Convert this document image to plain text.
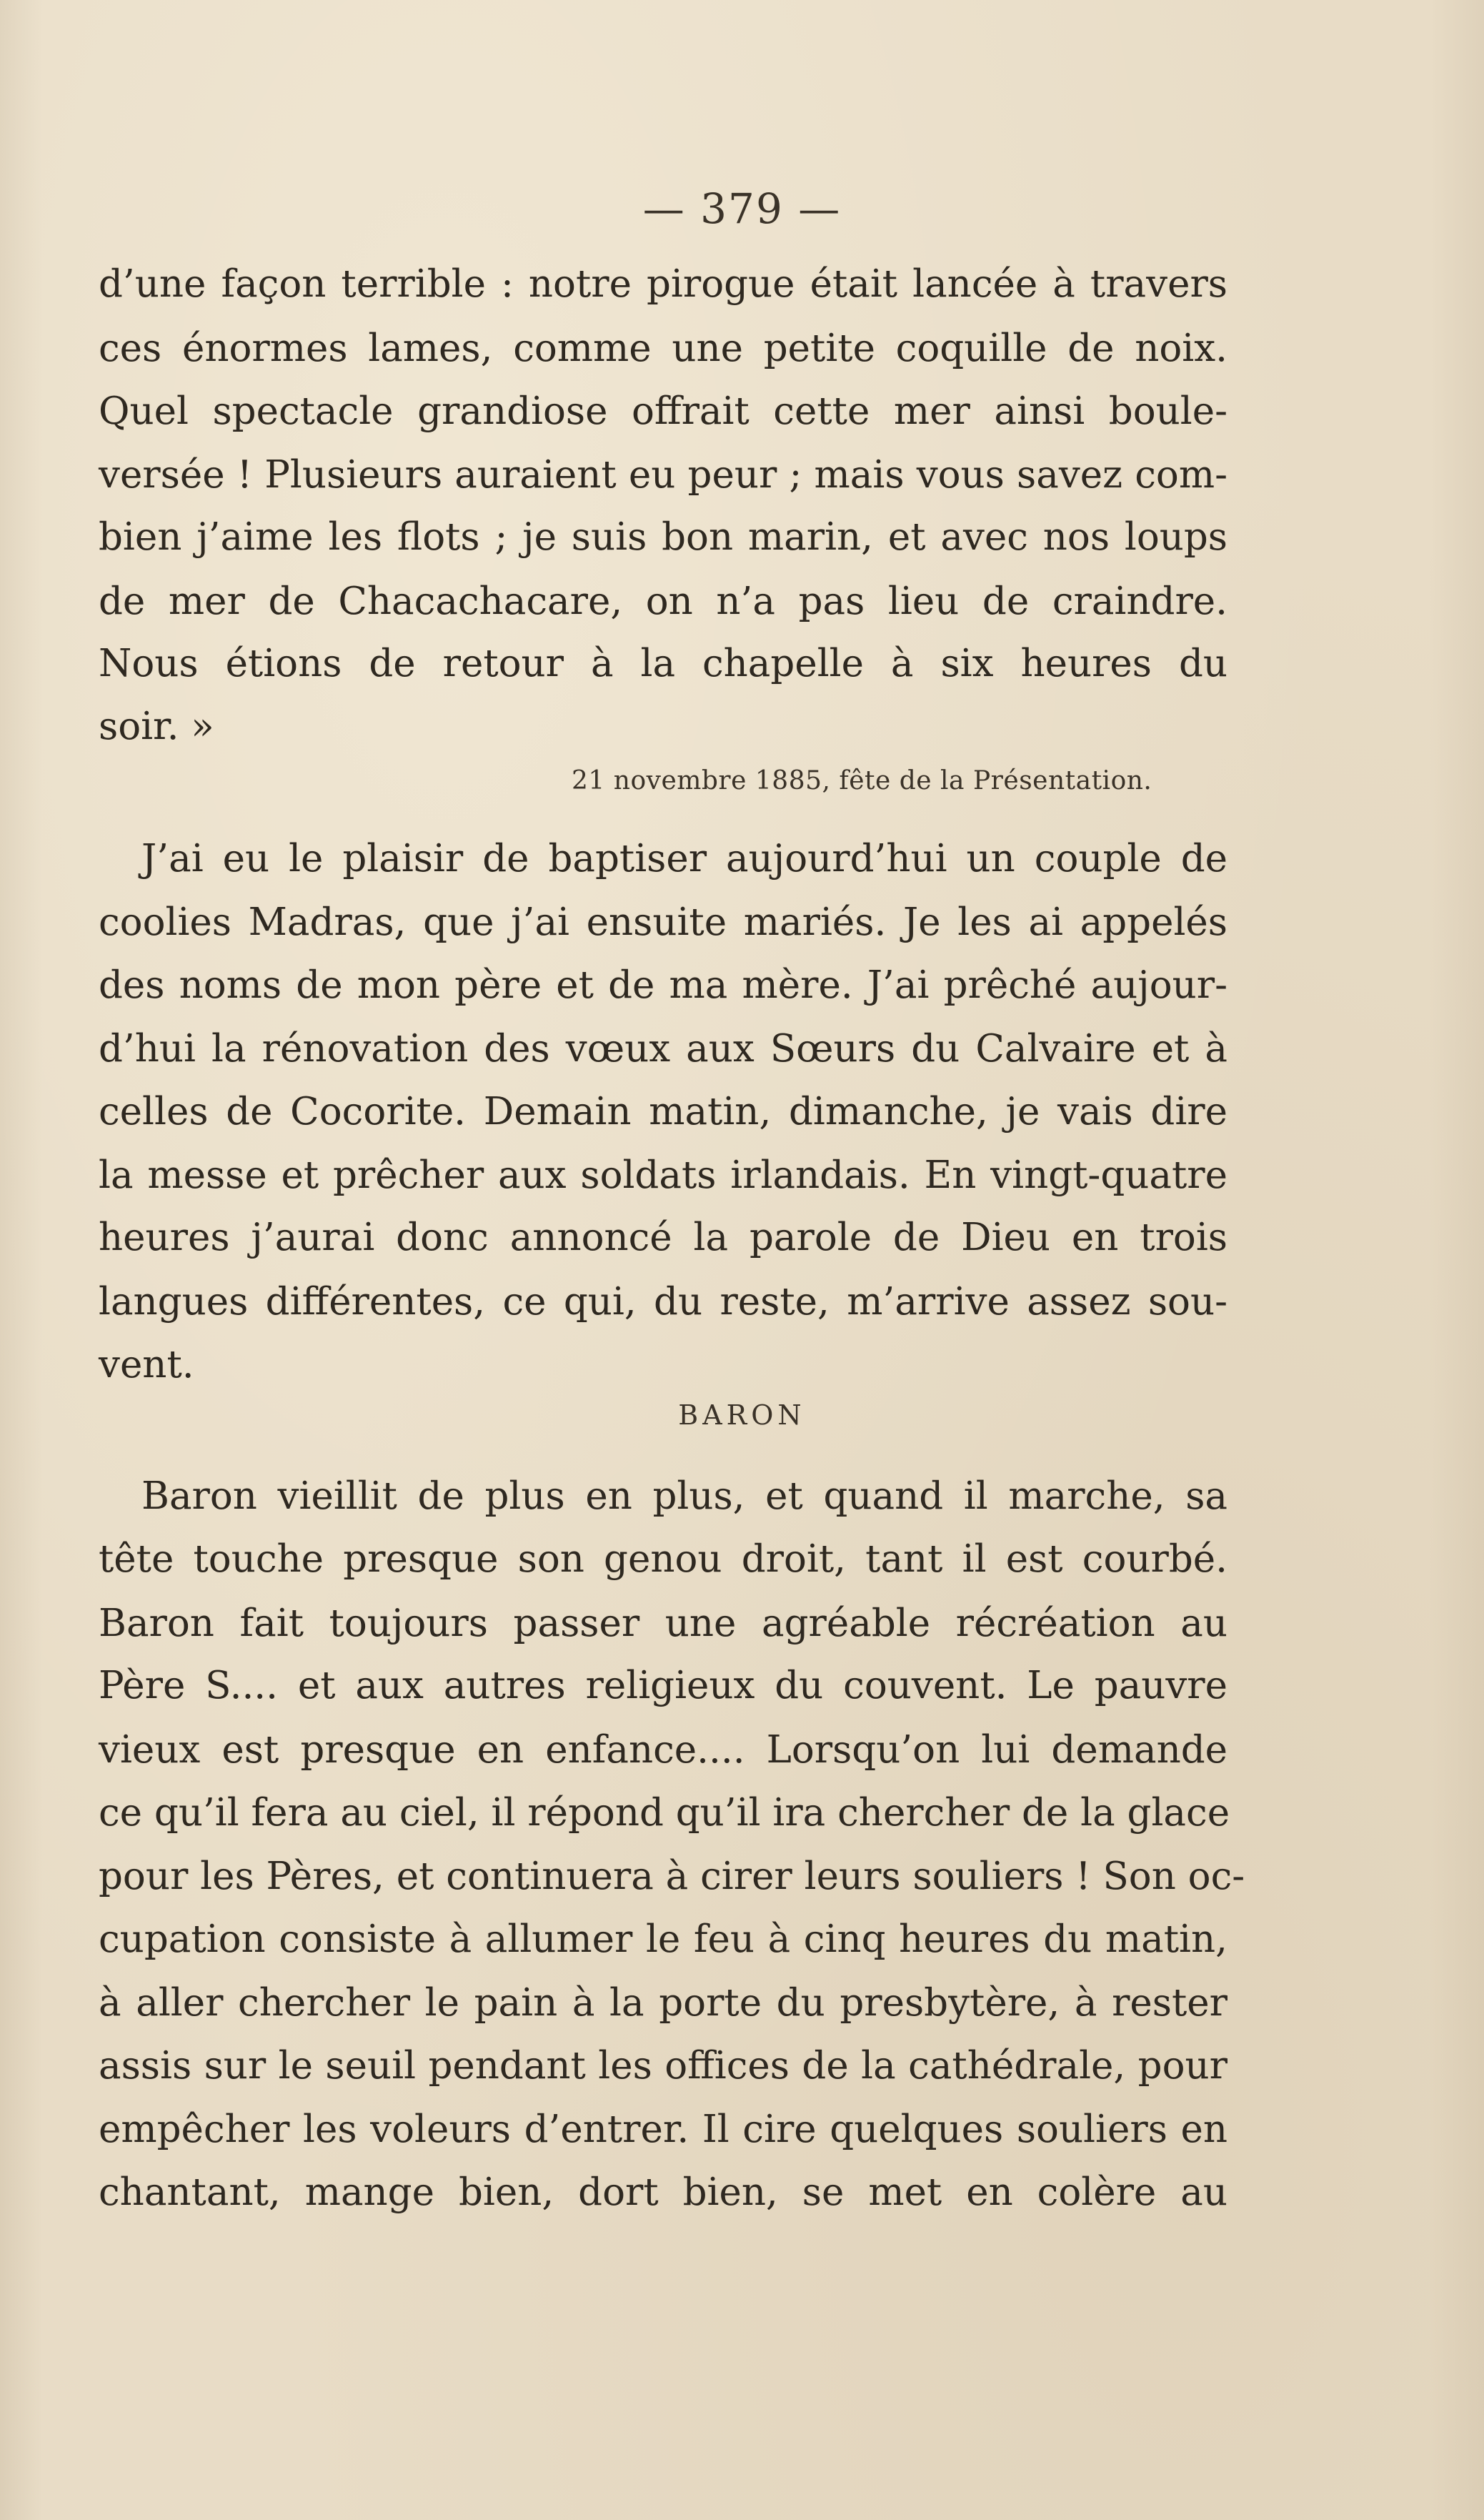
— 379 —
d’une façon terrible : notre pirogue était lancée à travers
ces énormes lames, comme une petite coquille de noix.
Quel spectacle grandiose offrait cette mer ainsi boule-
versée ! Plusieurs auraient eu peur ; mais vous savez com-
bien j’aime les flots ; je suis bon marin, et avec nos loups
de mer de Chacachacare, on n’a pas lieu de craindre.
Nous étions de retour à la chapelle à six heures du
soir. »
21 novembre 1885, fête de la Présentation.
J’ai eu le plaisir de baptiser aujourd’hui un couple de
coolies Madras, que j’ai ensuite mariés. Je les ai appelés
des noms de mon père et de ma mère. J’ai prêché aujour-
d’hui la rénovation des vœux aux Sœurs du Calvaire et à
celles de Cocorite. Demain matin, dimanche, je vais dire
la messe et prêcher aux soldats irlandais. En vingt-quatre
heures j’aurai donc annoncé la parole de Dieu en trois
langues différentes, ce qui, du reste, m’arrive assez sou-
vent.
BARON
Baron vieillit de plus en plus, et quand il marche, sa
tête touche presque son genou droit, tant il est courbé.
Baron fait toujours passer une agréable récréation au
Père S.... et aux autres religieux du couvent. Le pauvre
vieux est presque en enfance.... Lorsqu’on lui demande
ce qu’il fera au ciel, il répond qu’il ira chercher de la glace
pour les Pères, et continuera à cirer leurs souliers ! Son oc-
cupation consiste à allumer le feu à cinq heures du matin,
à aller chercher le pain à la porte du presbytère, à rester
assis sur le seuil pendant les offices de la cathédrale, pour
empêcher les voleurs d’entrer. Il cire quelques souliers en
chantant, mange bien, dort bien, se met en colère au
